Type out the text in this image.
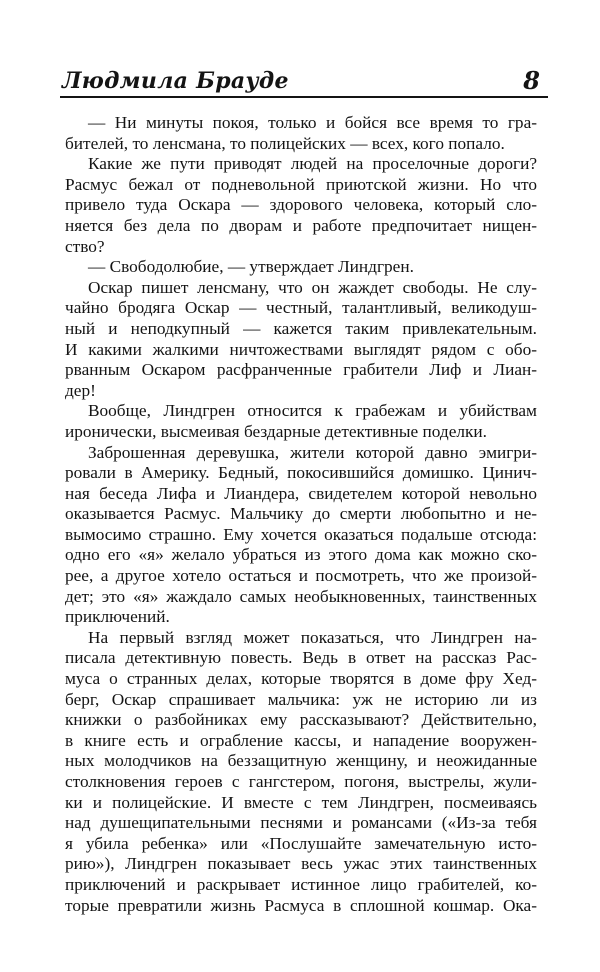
Людмила Брауде	8
— Ни минуты покоя, только и бойся все время то гра-
бителей, то ленсмана, то полицейских — всех, кого попало.
Какие же пути приводят людей на проселочные дороги?
Расмус бежал от подневольной приютской жизни. Но что
привело туда Оскара — здорового человека, который сло-
няется без дела по дворам и работе предпочитает нищен-
ство?
— Свободолюбие, — утверждает Линдгрен.
Оскар пишет ленсману, что он жаждет свободы. Не слу-
чайно бродяга Оскар — честный, талантливый, великодуш-
ный и неподкупный — кажется таким привлекательным.
И какими жалкими ничтожествами выглядят рядом с обо-
рванным Оскаром расфранченные грабители Лиф и Лиан-
дер!
Вообще, Линдгрен относится к грабежам и убийствам
иронически, высмеивая бездарные детективные поделки.
Заброшенная деревушка, жители которой давно эмигри-
ровали в Америку. Бедный, покосившийся домишко. Цинич-
ная беседа Лифа и Лиандера, свидетелем которой невольно
оказывается Расмус. Мальчику до смерти любопытно и не-
вымосимо страшно. Ему хочется оказаться подальше отсюда:
одно его «я» желало убраться из этого дома как можно ско-
рее, а другое хотело остаться и посмотреть, что же произой-
дет; это «я» жаждало самых необыкновенных, таинственных
приключений.
На первый взгляд может показаться, что Линдгрен на-
писала детективную повесть. Ведь в ответ на рассказ Рас-
муса о странных делах, которые творятся в доме фру Хед-
берг, Оскар спрашивает мальчика: уж не историю ли из
книжки о разбойниках ему рассказывают? Действительно,
в книге есть и ограбление кассы, и нападение вооружен-
ных молодчиков на беззащитную женщину, и неожиданные
столкновения героев с гангстером, погоня, выстрелы, жули-
ки и полицейские. И вместе с тем Линдгрен, посмеиваясь
над душещипательными песнями и романсами («Из-за тебя
я убила ребенка» или «Послушайте замечательную исто-
рию»), Линдгрен показывает весь ужас этих таинственных
приключений и раскрывает истинное лицо грабителей, ко-
торые превратили жизнь Расмуса в сплошной кошмар. Ока-
